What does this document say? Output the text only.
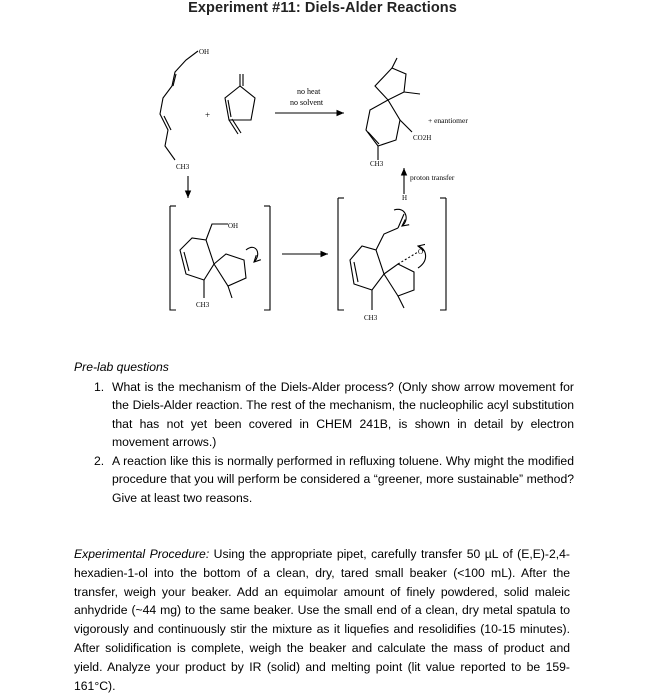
Experiment #11: Diels-Alder Reactions
OH
CH3
+
no heat
no solvent
+ enantiomer
CO2H
CH3
proton transfer
OH
CH3
H
CH3
O
Pre-lab questions
1. What is the mechanism of the Diels-Alder process? (Only show arrow movement for the Diels-Alder reaction. The rest of the mechanism, the nucleophilic acyl substitution that has not yet been covered in CHEM 241B, is shown in detail by electron movement arrows.)
2. A reaction like this is normally performed in refluxing toluene. Why might the modified procedure that you will perform be considered a “greener, more sustainable” method? Give at least two reasons.
Experimental Procedure: Using the appropriate pipet, carefully transfer 50 µL of (E,E)-2,4-hexadien-1-ol into the bottom of a clean, dry, tared small beaker (<100 mL). After the transfer, weigh your beaker. Add an equimolar amount of finely powdered, solid maleic anhydride (~44 mg) to the same beaker. Use the small end of a clean, dry metal spatula to vigorously and continuously stir the mixture as it liquefies and resolidifies (10-15 minutes). After solidification is complete, weigh the beaker and calculate the mass of product and yield. Analyze your product by IR (solid) and melting point (lit value reported to be 159-161°C).
